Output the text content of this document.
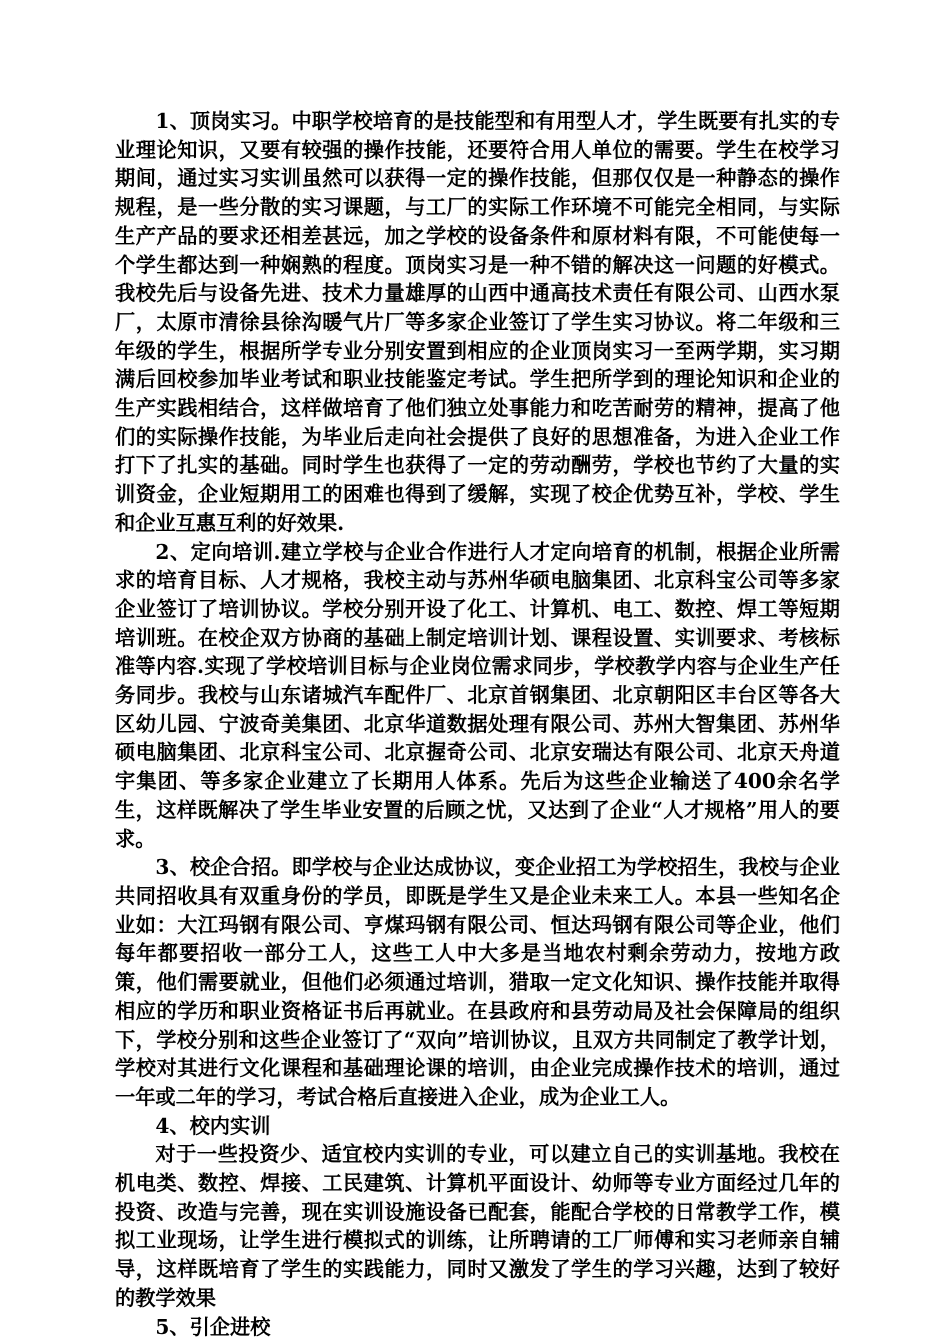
1、顶岗实习。中职学校培育的是技能型和有用型人才，学生既要有扎实的专业理论知识，又要有较强的操作技能，还要符合用人单位的需要。学生在校学习期间，通过实习实训虽然可以获得一定的操作技能，但那仅仅是一种静态的操作规程，是一些分散的实习课题，与工厂的实际工作环境不可能完全相同，与实际生产产品的要求还相差甚远，加之学校的设备条件和原材料有限，不可能使每一个学生都达到一种娴熟的程度。顶岗实习是一种不错的解决这一问题的好模式。我校先后与设备先进、技术力量雄厚的山西中通高技术责任有限公司、山西水泵厂，太原市清徐县徐沟暖气片厂等多家企业签订了学生实习协议。将二年级和三年级的学生，根据所学专业分别安置到相应的企业顶岗实习一至两学期，实习期满后回校参加毕业考试和职业技能鉴定考试。学生把所学到的理论知识和企业的生产实践相结合，这样做培育了他们独立处事能力和吃苦耐劳的精神，提高了他们的实际操作技能，为毕业后走向社会提供了良好的思想准备，为进入企业工作打下了扎实的基础。同时学生也获得了一定的劳动酬劳，学校也节约了大量的实训资金，企业短期用工的困难也得到了缓解，实现了校企优势互补，学校、学生和企业互惠互利的好效果.

2、定向培训.建立学校与企业合作进行人才定向培育的机制，根据企业所需求的培育目标、人才规格，我校主动与苏州华硕电脑集团、北京科宝公司等多家企业签订了培训协议。学校分别开设了化工、计算机、电工、数控、焊工等短期培训班。在校企双方协商的基础上制定培训计划、课程设置、实训要求、考核标准等内容.实现了学校培训目标与企业岗位需求同步，学校教学内容与企业生产任务同步。我校与山东诸城汽车配件厂、北京首钢集团、北京朝阳区丰台区等各大区幼儿园、宁波奇美集团、北京华道数据处理有限公司、苏州大智集团、苏州华硕电脑集团、北京科宝公司、北京握奇公司、北京安瑞达有限公司、北京天舟道宇集团、等多家企业建立了长期用人体系。先后为这些企业输送了400余名学生，这样既解决了学生毕业安置的后顾之忧，又达到了企业“人才规格”用人的要求。

3、校企合招。即学校与企业达成协议，变企业招工为学校招生，我校与企业共同招收具有双重身份的学员，即既是学生又是企业未来工人。本县一些知名企业如：大江玛钢有限公司、亨煤玛钢有限公司、恒达玛钢有限公司等企业，他们每年都要招收一部分工人，这些工人中大多是当地农村剩余劳动力，按地方政策，他们需要就业，但他们必须通过培训，猎取一定文化知识、操作技能并取得相应的学历和职业资格证书后再就业。在县政府和县劳动局及社会保障局的组织下，学校分别和这些企业签订了“双向”培训协议，且双方共同制定了教学计划，学校对其进行文化课程和基础理论课的培训，由企业完成操作技术的培训，通过一年或二年的学习，考试合格后直接进入企业，成为企业工人。

4、校内实训

对于一些投资少、适宜校内实训的专业，可以建立自己的实训基地。我校在机电类、数控、焊接、工民建筑、计算机平面设计、幼师等专业方面经过几年的投资、改造与完善，现在实训设施设备已配套，能配合学校的日常教学工作，模拟工业现场，让学生进行模拟式的训练，让所聘请的工厂师傅和实习老师亲自辅导，这样既培育了学生的实践能力，同时又激发了学生的学习兴趣，达到了较好的教学效果

5、引企进校
